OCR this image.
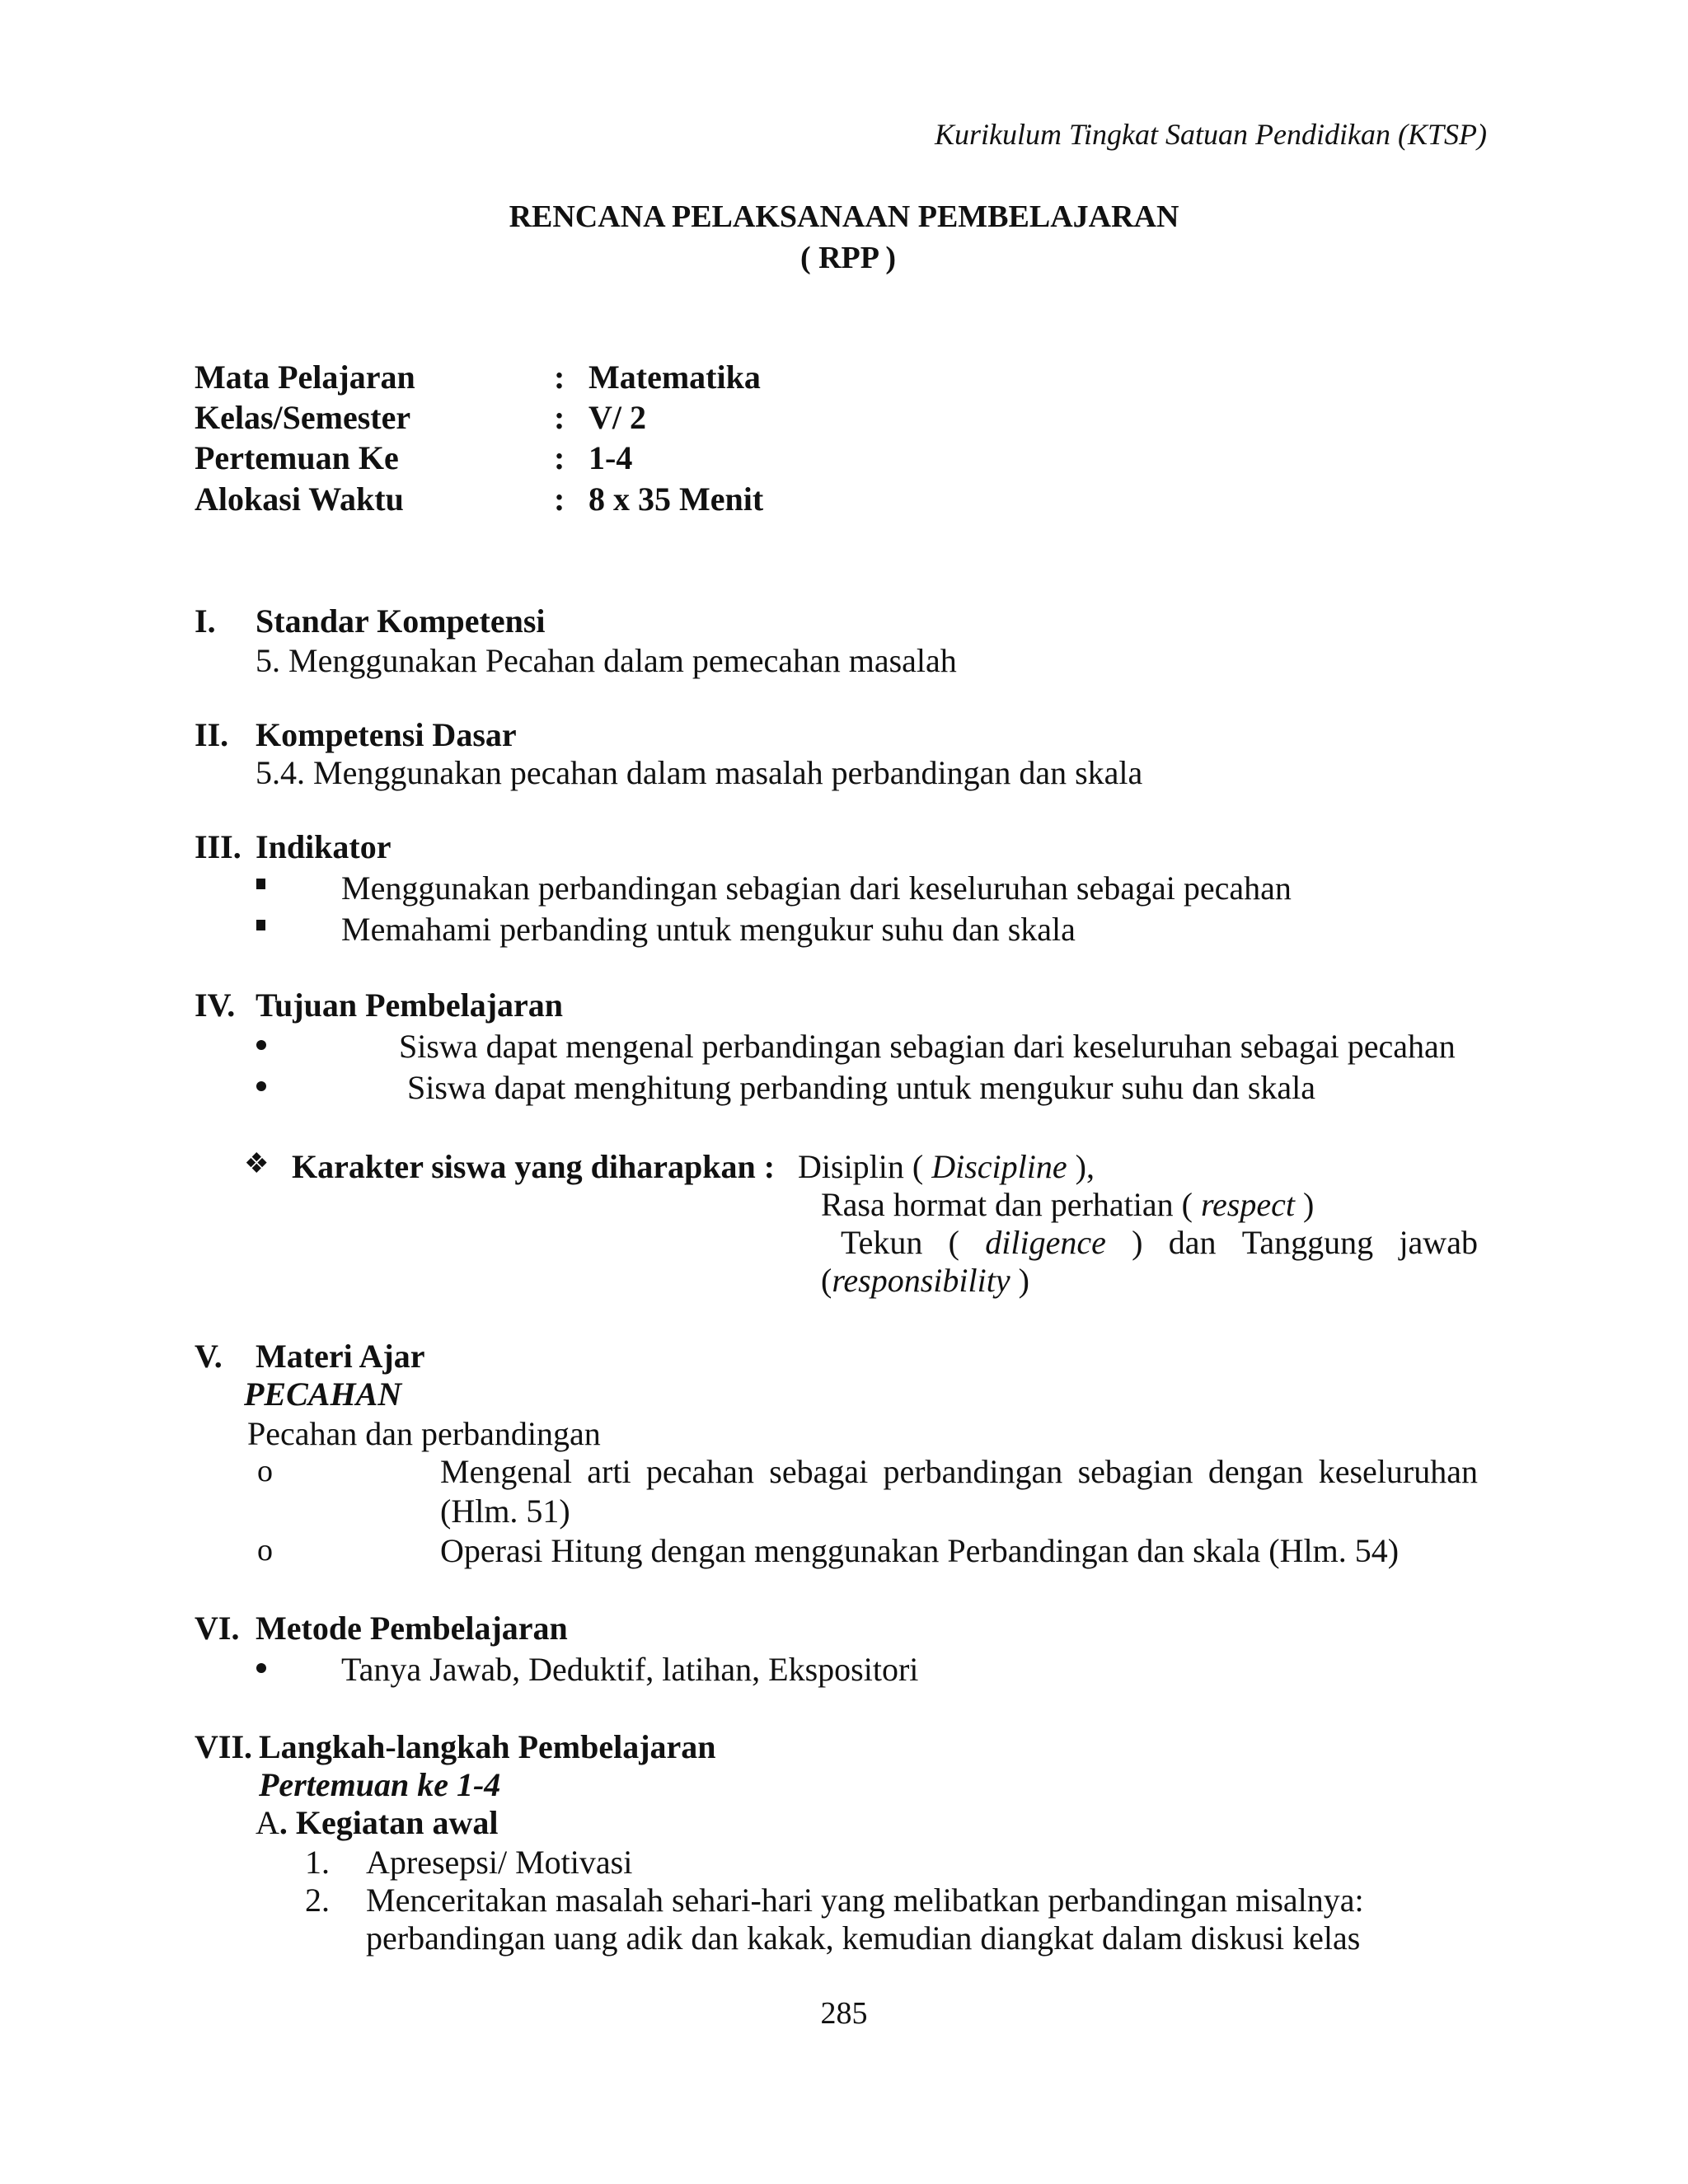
Kurikulum Tingkat Satuan Pendidikan (KTSP)
RENCANA PELAKSANAAN PEMBELAJARAN
( RPP )
Mata Pelajaran	: Matematika
Kelas/Semester	: V/ 2
Pertemuan Ke	: 1-4
Alokasi Waktu	: 8 x 35 Menit
I. Standar Kompetensi
5. Menggunakan Pecahan dalam pemecahan masalah
II. Kompetensi Dasar
5.4. Menggunakan pecahan dalam masalah perbandingan dan skala
III. Indikator
Menggunakan perbandingan sebagian dari keseluruhan sebagai pecahan
Memahami perbanding untuk mengukur suhu dan skala
IV. Tujuan Pembelajaran
Siswa dapat mengenal perbandingan sebagian dari keseluruhan sebagai pecahan
Siswa dapat menghitung perbanding untuk mengukur suhu dan skala
❖ Karakter siswa yang diharapkan : Disiplin ( Discipline ),
Rasa hormat dan perhatian ( respect )
Tekun ( diligence ) dan Tanggung jawab
(responsibility )
V. Materi Ajar
PECAHAN
Pecahan dan perbandingan
o	Mengenal arti pecahan sebagai perbandingan sebagian dengan keseluruhan
(Hlm. 51)
o	Operasi Hitung dengan menggunakan Perbandingan dan skala (Hlm. 54)
VI. Metode Pembelajaran
Tanya Jawab, Deduktif, latihan, Ekspositori
VII. Langkah-langkah Pembelajaran
Pertemuan ke 1-4
A. Kegiatan awal
1. Apresepsi/ Motivasi
2. Menceritakan masalah sehari-hari yang melibatkan perbandingan misalnya:
perbandingan uang adik dan kakak, kemudian diangkat dalam diskusi kelas
285
